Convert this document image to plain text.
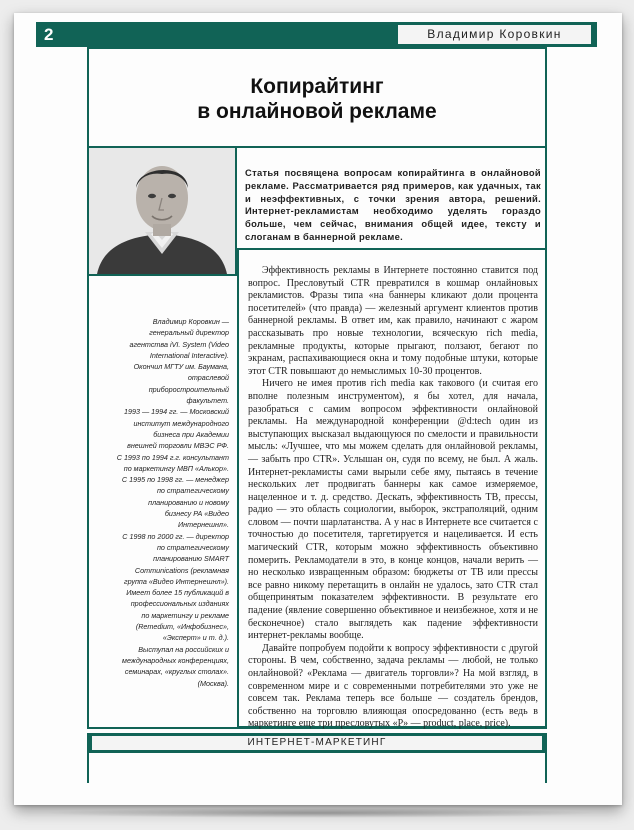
2	Владимир Коровкин
Копирайтинг
в онлайновой рекламе
Статья посвящена вопросам копирайтинга в онлайновой рекламе. Рассматривается ряд примеров, как удачных, так и неэффективных, с точки зрения автора, решений. Интернет-рекламистам необходимо уделять гораздо больше, чем сейчас, внимания общей идее, тексту и слоганам в баннерной рекламе.
Владимир Коровкин —
генеральный директор
агентства iVI. System (Video
International Interactive).
Окончил МГТУ им. Баумана,
отраслевой
приборостроительный
факультет.
1993 — 1994 гг. — Московский
институт международного
бизнеса при Академии
внешней торговли МВЭС РФ.
С 1993 по 1994 г.г. консультант
по маркетингу МВП «Алькор».
С 1995 по 1998 гг. — менеджер
по стратегическому
планированию и новому
бизнесу РА «Видео
Интернешнл».
С 1998 по 2000 гг. — директор
по стратегическому
планированию SMART
Communications (рекламная
группа «Видео Интернешнл»).
Имеет более 15 публикаций в
профессиональных изданиях
по маркетингу и рекламе
(Remedium, «Инфобизнес»,
«Эксперт» и т. д.).
Выступал на российских и
международных конференциях,
семинарах, «круглых столах».
(Москва).

Эффективность рекламы в Интернете постоянно ставится под вопрос. Пресловутый CTR превратился в кошмар онлайновых рекламистов. Фразы типа «на баннеры кликают доли процента посетителей» (что правда) — железный аргумент клиентов против баннерной рекламы. В ответ им, как правило, начинают с жаром рассказывать про новые технологии, всяческую rich media, рекламные продукты, которые прыгают, ползают, бегают по экранам, распахивающиеся окна и тому подобные штуки, которые этот CTR повышают до немыслимых 10-30 процентов.

Ничего не имея против rich media как такового (и считая его вполне полезным инструментом), я бы хотел, для начала, разобраться с самим вопросом эффективности онлайновой рекламы. На международной конференции @d:tech один из выступающих высказал выдающуюся по смелости и правильности мысль: «Лучшее, что мы можем сделать для онлайновой рекламы, — забыть про CTR». Услышан он, судя по всему, не был. А жаль. Интернет-рекламисты сами вырыли себе яму, пытаясь в течение нескольких лет продвигать баннеры как самое измеряемое, нацеленное и т. д. средство. Дескать, эффективность ТВ, прессы, радио — это область социологии, выборок, экстраполяций, одним словом — почти шарлатанства. А у нас в Интернете все считается с точностью до посетителя, таргетируется и нацеливается. И есть магический CTR, которым можно эффективность объективно померить. Рекламодатели в это, в конце концов, начали верить — но несколько извращенным образом: бюджеты от ТВ или прессы все равно никому перетащить в онлайн не удалось, зато CTR стал общепринятым показателем эффективности. В результате его падение (явление совершенно объективное и неизбежное, хотя и не бесконечное) стало выглядеть как падение эффективности интернет-рекламы вообще.

Давайте попробуем подойти к вопросу эффективности с другой стороны. В чем, собственно, задача рекламы — любой, не только онлайновой? «Реклама — двигатель торговли»? На мой взгляд, в современном мире и с современными потребителями это уже не совсем так. Реклама теперь все больше — создатель брендов, собственно на торговлю влияющая опосредованно (есть ведь в маркетинге еще три пресловутых «P» — product, place, price).

ИНТЕРНЕТ-МАРКЕТИНГ
